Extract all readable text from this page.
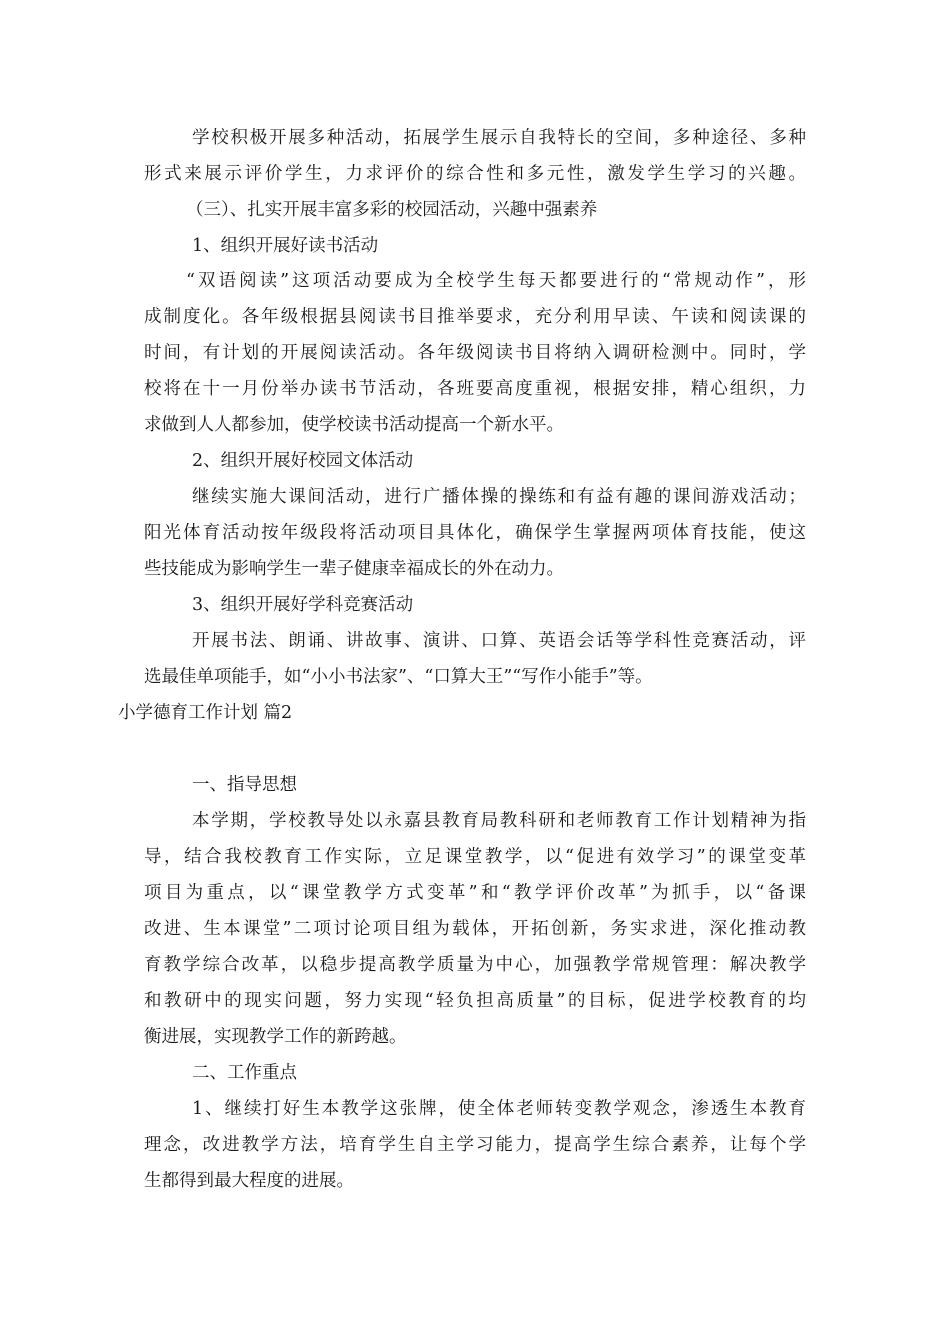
学校积极开展多种活动，拓展学生展示自我特长的空间，多种途径、多种
形式来展示评价学生，力求评价的综合性和多元性，激发学生学习的兴趣。
（三）、扎实开展丰富多彩的校园活动，兴趣中强素养
1、组织开展好读书活动
“双语阅读”这项活动要成为全校学生每天都要进行的“常规动作”，形
成制度化。各年级根据县阅读书目推举要求，充分利用早读、午读和阅读课的
时间，有计划的开展阅读活动。各年级阅读书目将纳入调研检测中。同时，学
校将在十一月份举办读书节活动，各班要高度重视，根据安排，精心组织，力
求做到人人都参加，使学校读书活动提高一个新水平。
2、组织开展好校园文体活动
继续实施大课间活动，进行广播体操的操练和有益有趣的课间游戏活动；
阳光体育活动按年级段将活动项目具体化，确保学生掌握两项体育技能，使这
些技能成为影响学生一辈子健康幸福成长的外在动力。
3、组织开展好学科竞赛活动
开展书法、朗诵、讲故事、演讲、口算、英语会话等学科性竞赛活动，评
选最佳单项能手，如“小小书法家”、“口算大王”“写作小能手”等。
小学德育工作计划 篇2
一、指导思想
本学期，学校教导处以永嘉县教育局教科研和老师教育工作计划精神为指
导，结合我校教育工作实际，立足课堂教学，以“促进有效学习”的课堂变革
项目为重点，以“课堂教学方式变革”和“教学评价改革”为抓手，以“备课
改进、生本课堂”二项讨论项目组为载体，开拓创新，务实求进，深化推动教
育教学综合改革，以稳步提高教学质量为中心，加强教学常规管理：解决教学
和教研中的现实问题，努力实现“轻负担高质量”的目标，促进学校教育的均
衡进展，实现教学工作的新跨越。
二、工作重点
1、继续打好生本教学这张牌，使全体老师转变教学观念，渗透生本教育
理念，改进教学方法，培育学生自主学习能力，提高学生综合素养，让每个学
生都得到最大程度的进展。
